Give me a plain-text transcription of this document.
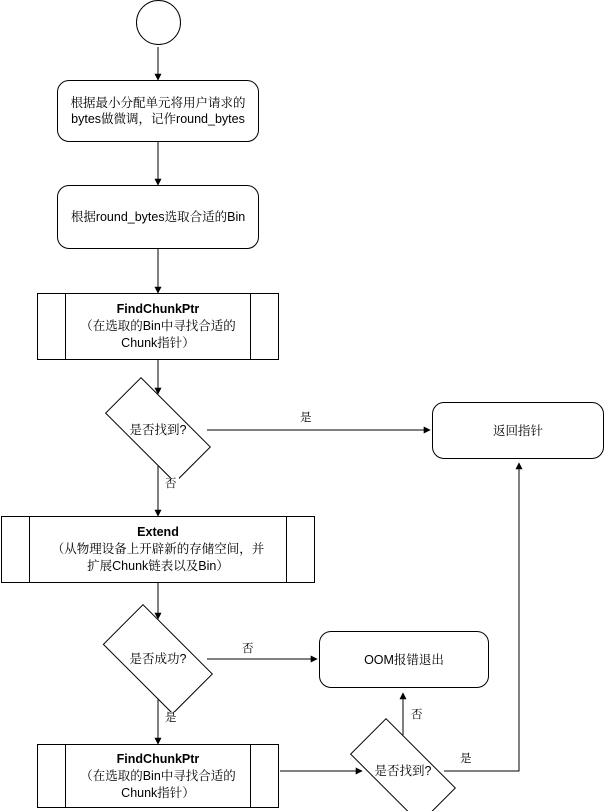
根据最小分配单元将用户请求的
bytes做微调，记作round_bytes
根据round_bytes选取合适的Bin
FindChunkPtr
（在选取的Bin中寻找合适的
Chunk指针）
是否找到?	返回指针
Extend
（从物理设备上开辟新的存储空间，并
扩展Chunk链表以及Bin）
是否成功?	OOM报错退出
FindChunkPtr
（在选取的Bin中寻找合适的
Chunk指针）
是否找到?
是
否
否
是	否
是
